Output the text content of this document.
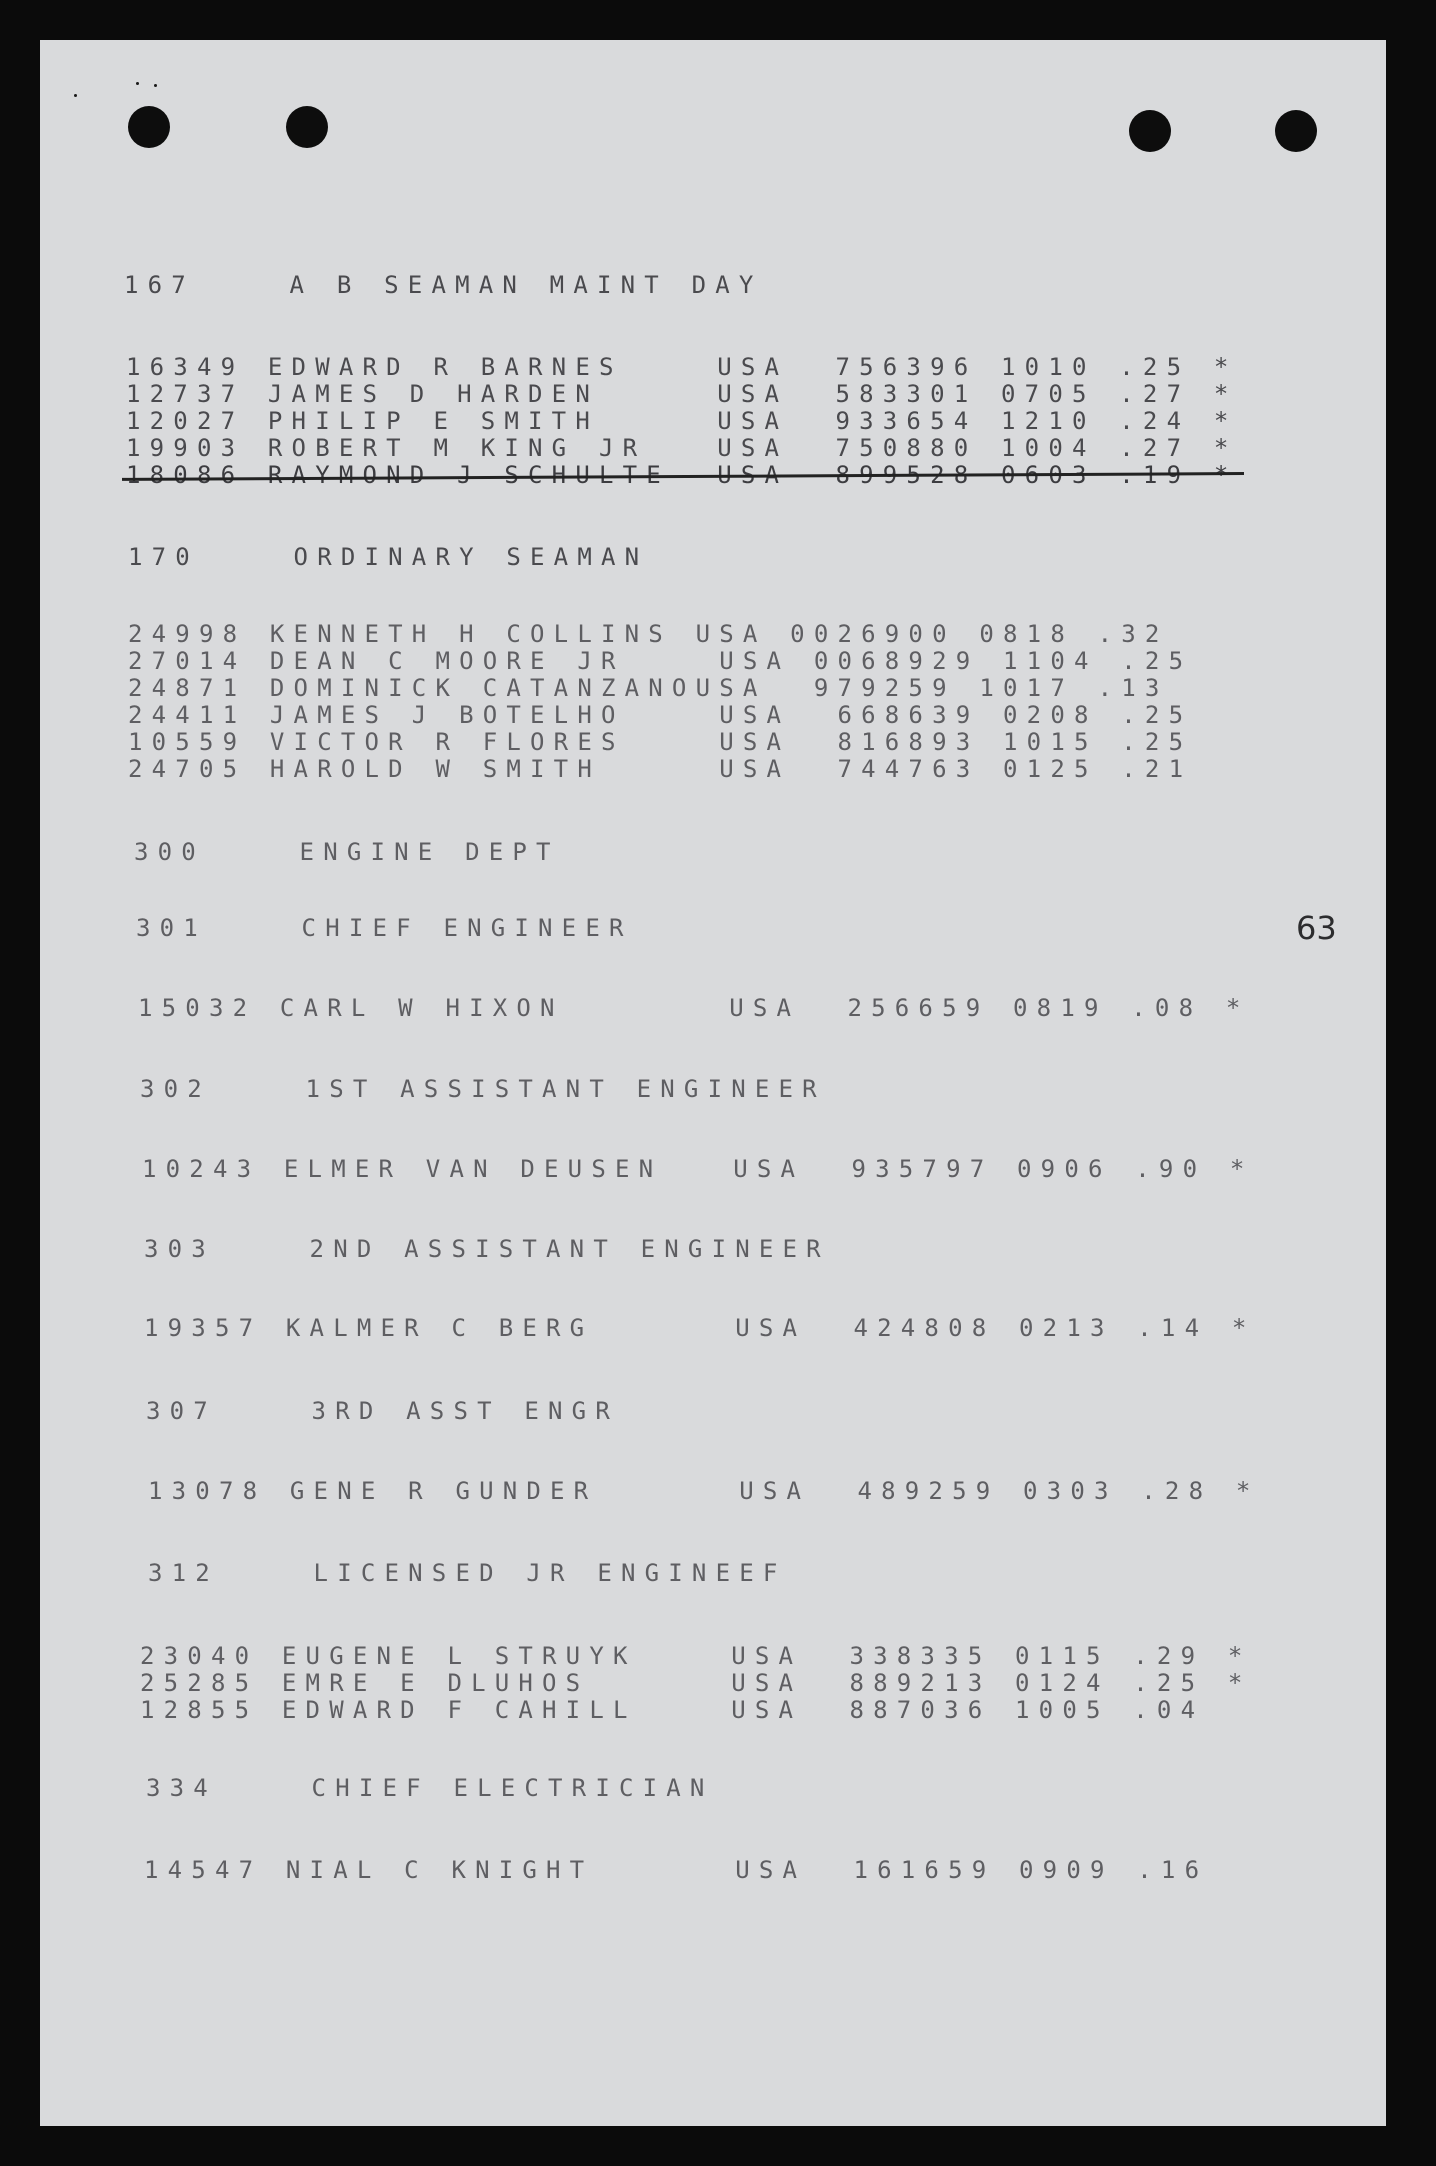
167    A B SEAMAN MAINT DAY

16349 EDWARD R BARNES    USA  756396 1010 .25 *

12737 JAMES D HARDEN     USA  583301 0705 .27 *

12027 PHILIP E SMITH     USA  933654 1210 .24 *

19903 ROBERT M KING JR   USA  750880 1004 .27 *

18086 RAYMOND J SCHULTE  USA  899528 0603 .19 *

170    ORDINARY SEAMAN

24998 KENNETH H COLLINS USA 0026900 0818 .32

27014 DEAN C MOORE JR    USA 0068929 1104 .25

24871 DOMINICK CATANZANOUSA  979259 1017 .13

24411 JAMES J BOTELHO    USA  668639 0208 .25

10559 VICTOR R FLORES    USA  816893 1015 .25

24705 HAROLD W SMITH     USA  744763 0125 .21

300    ENGINE DEPT

63

301    CHIEF ENGINEER

15032 CARL W HIXON       USA  256659 0819 .08 *

302    1ST ASSISTANT ENGINEER

10243 ELMER VAN DEUSEN   USA  935797 0906 .90 *

303    2ND ASSISTANT ENGINEER

19357 KALMER C BERG      USA  424808 0213 .14 *

307    3RD ASST ENGR

13078 GENE R GUNDER      USA  489259 0303 .28 *

312    LICENSED JR ENGINEEF

23040 EUGENE L STRUYK    USA  338335 0115 .29 *

25285 EMRE E DLUHOS      USA  889213 0124 .25 *

12855 EDWARD F CAHILL    USA  887036 1005 .04

334    CHIEF ELECTRICIAN

14547 NIAL C KNIGHT      USA  161659 0909 .16
